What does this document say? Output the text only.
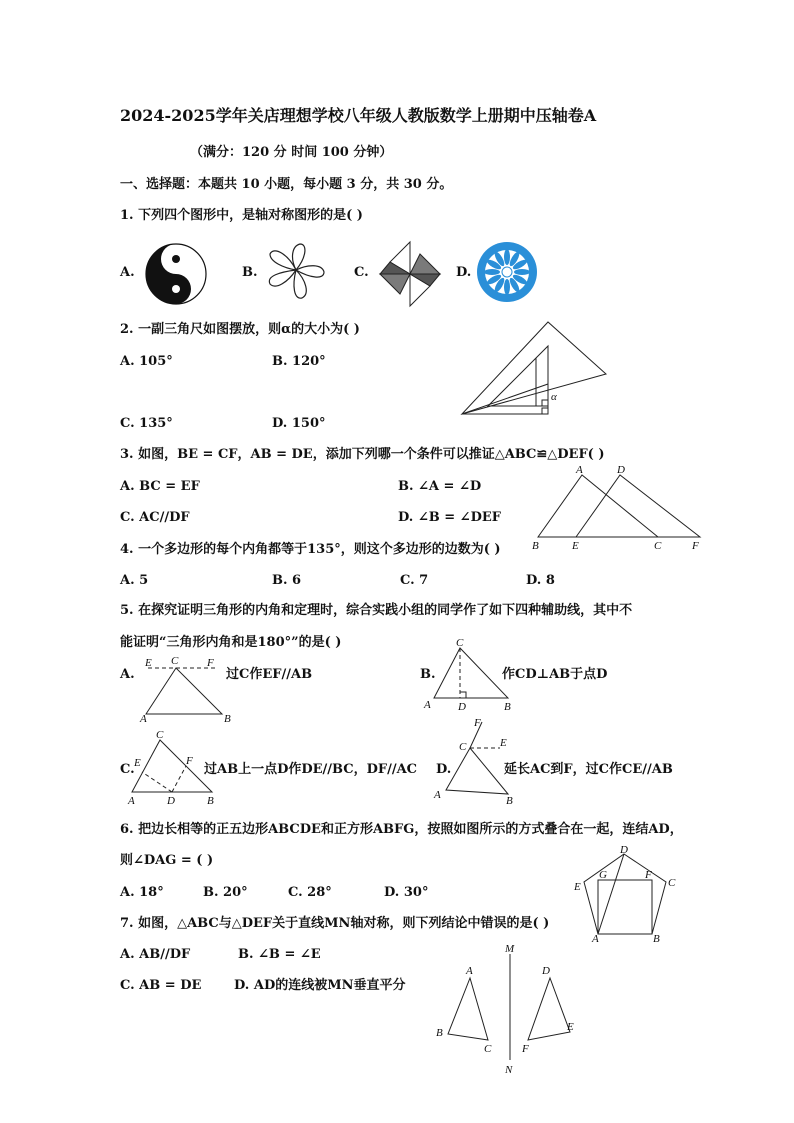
2024-2025学年关店理想学校八年级人教版数学上册期中压轴卷A
（满分：120 分 时间 100 分钟）
一、选择题：本题共 10 小题，每小题 3 分，共 30 分。
1. 下列四个图形中，是轴对称图形的是( )
A.	B.	C.	D.
2. 一副三角尺如图摆放，则α的大小为( )
A. 105°	B. 120°
C. 135°	D. 150°
α
3. 如图，BE = CF，AB = DE，添加下列哪一个条件可以推证△ABC≌△DEF( )
A. BC = EF	B. ∠A = ∠D
C. AC//DF	D. ∠B = ∠DEF
A	D
B	E	C	F
4. 一个多边形的每个内角都等于135°，则这个多边形的边数为( )
A. 5	B. 6	C. 7	D. 8
5. 在探究证明三角形的内角和定理时，综合实践小组的同学作了如下四种辅助线，其中不
能证明“三角形内角和是180°”的是( )
A.
E C	F
A	B
过C作EF//AB	B.
C
A D	B
作CD⊥AB于点D
C.
C
E	F
A	D	B
过AB上一点D作DE//BC，DF//AC D.
F
C	E
A	B
延长AC到F，过C作CE//AB
6. 把边长相等的正五边形ABCDE和正方形ABFG，按照如图所示的方式叠合在一起，连结AD，
则∠DAG = ( )
A. 18°	B. 20°	C. 28°	D. 30°
D
E
G	F
C
A	B
7. 如图，△ABC与△DEF关于直线MN轴对称，则下列结论中错误的是( )
A. AB//DF	B. ∠B = ∠E
C. AB = DE	D. AD的连线被MN垂直平分
M
N
A
B
C
D
E
F
